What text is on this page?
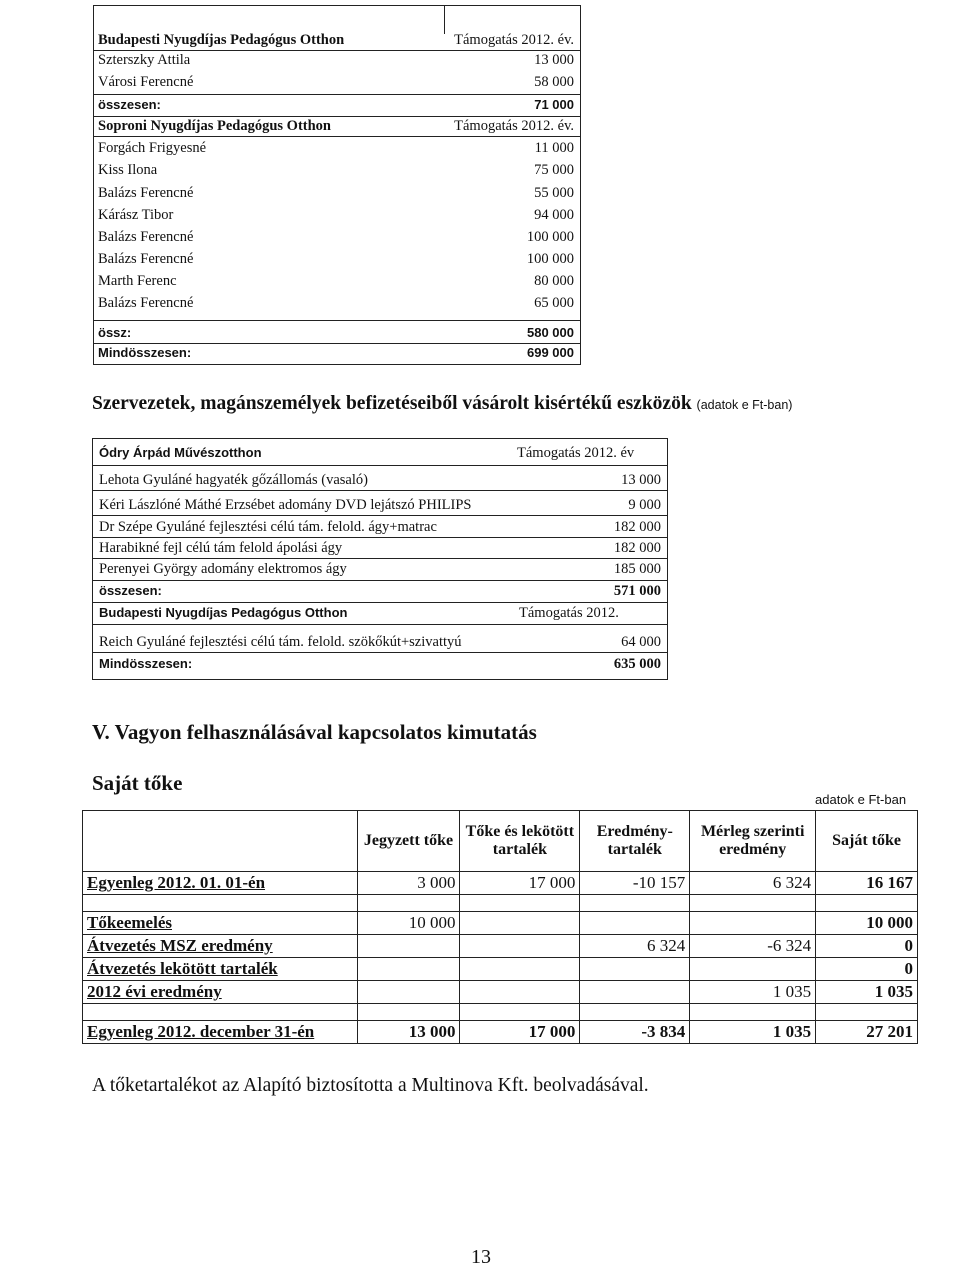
Budapesti Nyugdíjas Pedagógus Otthon	Támogatás 2012. év.
Szterszky Attila	13 000
Városi Ferencné	58 000
összesen:	71 000
Soproni Nyugdíjas Pedagógus Otthon	Támogatás 2012. év.
Forgách Frigyesné	11 000
Kiss Ilona	75 000
Balázs Ferencné	55 000
Kárász Tibor	94 000
Balázs Ferencné	100 000
Balázs Ferencné	100 000
Marth Ferenc	80 000
Balázs Ferencné	65 000
össz:	580 000
Mindösszesen:	699 000
Szervezetek, magánszemélyek befizetéseiből vásárolt kisértékű eszközök (adatok e Ft-ban)
Ódry Árpád Művészotthon	Támogatás 2012. év
Lehota Gyuláné hagyaték gőzállomás (vasaló)	13 000
Kéri Lászlóné Máthé Erzsébet adomány DVD lejátszó PHILIPS	9 000
Dr Szépe Gyuláné fejlesztési célú tám. felold. ágy+matrac	182 000
Harabikné fejl célú tám felold ápolási ágy	182 000
Perenyei György adomány elektromos ágy	185 000
összesen:	571 000
Budapesti Nyugdíjas Pedagógus Otthon	Támogatás 2012.
Reich Gyuláné fejlesztési célú tám. felold. szökőkút+szivattyú	64 000
Mindösszesen:	635 000
V. Vagyon felhasználásával kapcsolatos kimutatás
Saját tőke
adatok e Ft-ban
	Jegyzett tőke	Tőke és lekötött tartalék	Eredmény-tartalék	Mérleg szerinti eredmény	Saját tőke
Egyenleg 2012. 01. 01-én	3 000	17 000	-10 157	6 324	16 167

Tőkeemelés	10 000				10 000
Átvezetés MSZ eredmény			6 324	-6 324	0
Átvezetés lekötött tartalék					0
2012 évi eredmény				1 035	1 035

Egyenleg 2012. december 31-én	13 000	17 000	-3 834	1 035	27 201
A tőketartalékot az Alapító biztosította a Multinova Kft. beolvadásával.
13
